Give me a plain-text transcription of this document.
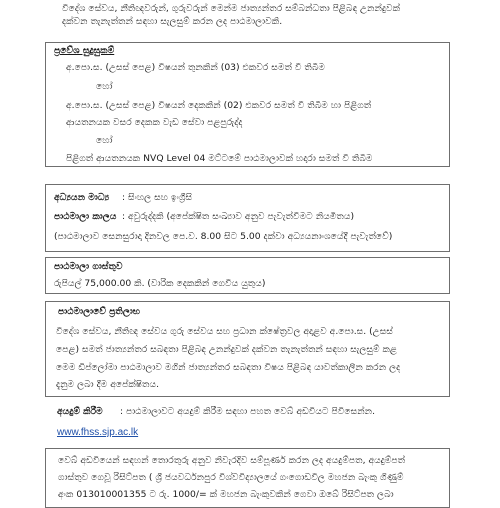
විදේශ සේවය, නීතිඥවරුන්, ගුරුවරුන් මෙන්ම ජාත්‍යන්තර සම්බන්ධතා පිළිබඳ උනන්දුවක්
දක්වන තැනැත්තන් සඳහා සැලසුම් කරන ලද පාඨමාලාවකි.
ප්‍රවේශ සුදුසුකම්
අ.පො.ස. (උසස් පෙළ) විෂයන් තුනකින් (03) එකවර සමත් වී තිබීම
හෝ
අ.පො.ස. (උසස් පෙළ) විෂයන් දෙකකින් (02) එකවර සමත් වී තිබීම හා පිළිගත්
ආයතනයක වසර දෙකක වැඩ සේවා පළපුරුද්ද
හෝ
පිළිගත් ආයතනයක NVQ Level 04 මට්ටමේ පාඨමාලාවක් හදාරා සමත් වී තිබීම
අධ්‍යයන මාධ්‍ය : සිංහල සහ ඉංග්‍රීසි
පාඨමාලා කාලය : අවුරුද්දකි (අපේක්ෂිත සංඛ්‍යාව අනුව පැවැත්වීමට නියමිතය)
(පාඨමාලාව සෙනසුරාදා දිනවල පෙ.ව. 8.00 සිට 5.00 දක්වා අධ්‍යයනාංශයේදී පැවැත්වේ)
පාඨමාලා ගාස්තුව
රුපියල් 75,000.00 කි. (වාරික දෙකකින් ගෙවිය යුතුය)
පාඨමාලාවේ ප්‍රතිලාභ
විදේශ සේවය, නීතිඥ සේවය ගුරු සේවය සහ ප්‍රධාන ක්ෂේත්‍රවල අදාළව අ.පො.ස. (උසස්
පෙළ) සමත් ජාත්‍යන්තර සබඳතා පිළිබඳ උනන්දුවක් දක්වන තැනැත්තන් සඳහා සැලසුම් කළ
මෙම ඩිප්ලෝමා පාඨමාලාව මගින් ජාත්‍යන්තර සබඳතා විෂය පිළිබඳ යාවත්කාලීන කරන ලද
දැනුම ලබා දීම අපේක්ෂිතය.
අයදුම් කිරීම : පාඨමාලාවට අයදුම් කිරීම සඳහා පහත වෙබ් අඩවියට පිවිසෙන්න.
www.fhss.sjp.ac.lk
වෙබ් අඩවියෙන් සඳහන් තොරතුරු අනුව නිවැරදිව සම්පූර්ණ කරන ලද අයදුම්පත, අයදුම්පත්
ගාස්තුව ගෙවූ රිසිට්පත ( ශ්‍රී ජයවර්ධනපුර විශ්වවිද්‍යාලයේ ගංගොඩවිල මහජන බැංකු ගිණුම්
අංක 013010001355 ට රු. 1000/= ක් මහජන බැංකුවකින් ගෙවා ඔබේ රිසිට්පත ලබා
